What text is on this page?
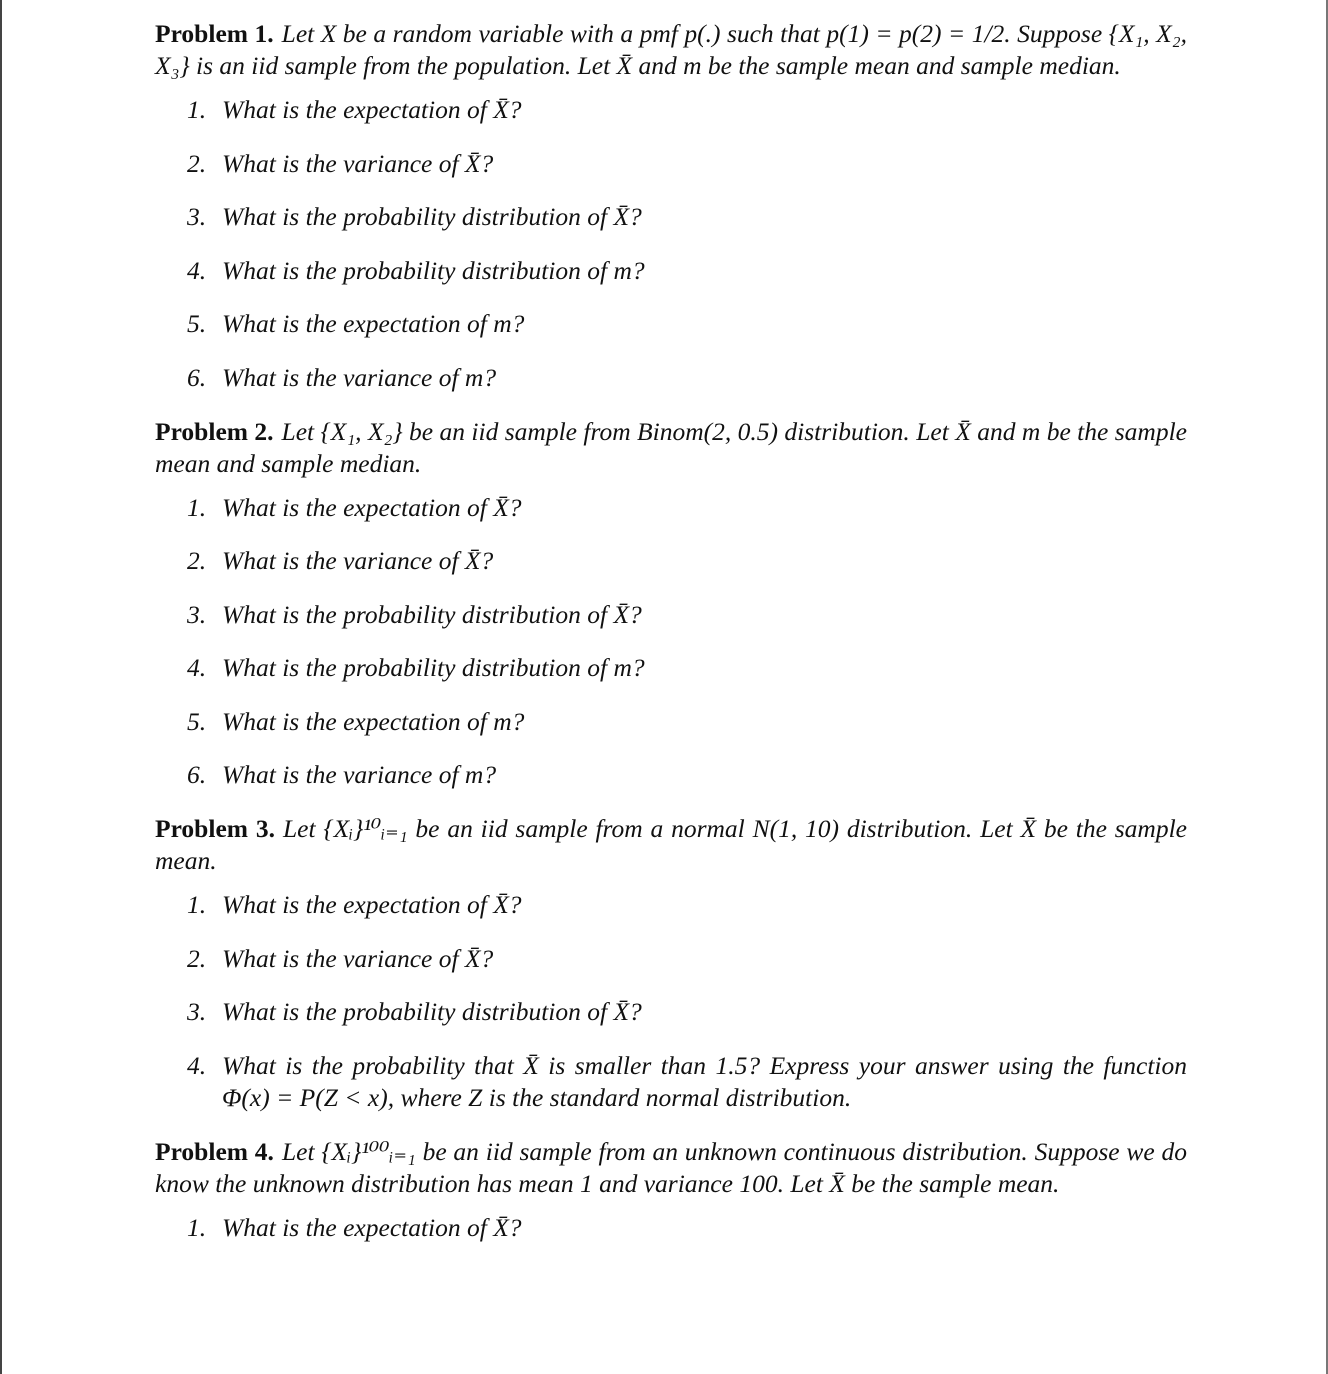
Problem 1. Let X be a random variable with a pmf p(.) such that p(1) = p(2) = 1/2. Suppose {X₁, X₂, X₃} is an iid sample from the population. Let X̄ and m be the sample mean and sample median.

1. What is the expectation of X̄?
2. What is the variance of X̄?
3. What is the probability distribution of X̄?
4. What is the probability distribution of m?
5. What is the expectation of m?
6. What is the variance of m?

Problem 2. Let {X₁, X₂} be an iid sample from Binom(2, 0.5) distribution. Let X̄ and m be the sample mean and sample median.

1. What is the expectation of X̄?
2. What is the variance of X̄?
3. What is the probability distribution of X̄?
4. What is the probability distribution of m?
5. What is the expectation of m?
6. What is the variance of m?

Problem 3. Let {Xᵢ}¹⁰ᵢ₌₁ be an iid sample from a normal N(1, 10) distribution. Let X̄ be the sample mean.

1. What is the expectation of X̄?
2. What is the variance of X̄?
3. What is the probability distribution of X̄?
4. What is the probability that X̄ is smaller than 1.5? Express your answer using the function Φ(x) = P(Z < x), where Z is the standard normal distribution.

Problem 4. Let {Xᵢ}¹⁰⁰ᵢ₌₁ be an iid sample from an unknown continuous distribution. Suppose we do know the unknown distribution has mean 1 and variance 100. Let X̄ be the sample mean.

1. What is the expectation of X̄?
